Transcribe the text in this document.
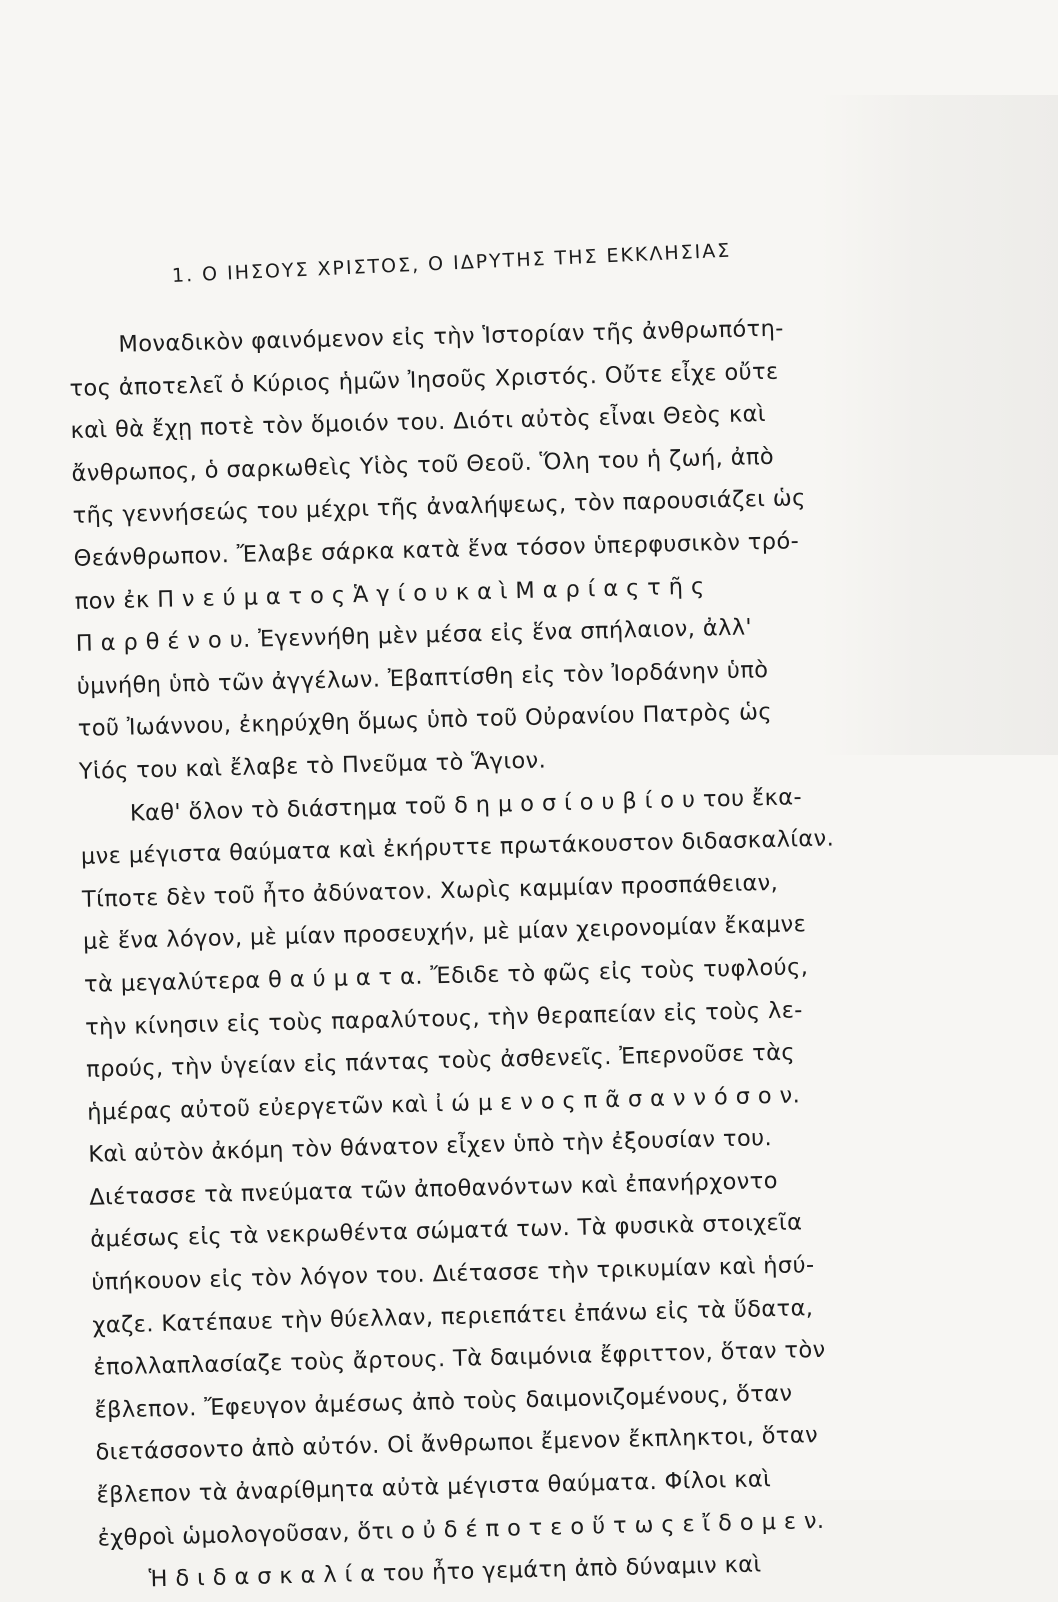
1. Ο ΙΗΣΟΥΣ ΧΡΙΣΤΟΣ, Ο ΙΔΡΥΤΗΣ ΤΗΣ ΕΚΚΛΗΣΙΑΣ
Μοναδικὸν φαινόμενον εἰς τὴν Ἱστορίαν τῆς ἀνθρωπότη-
τος ἀποτελεῖ ὁ Κύριος ἡμῶν Ἰησοῦς Χριστός. Οὔτε εἶχε οὔτε
καὶ θὰ ἔχῃ ποτὲ τὸν ὅμοιόν του. Διότι αὐτὸς εἶναι Θεὸς καὶ
ἄνθρωπος, ὁ σαρκωθεὶς Υἱὸς τοῦ Θεοῦ. Ὅλη του ἡ ζωή, ἀπὸ
τῆς γεννήσεώς του μέχρι τῆς ἀναλήψεως, τὸν παρουσιάζει ὡς
Θεάνθρωπον. Ἔλαβε σάρκα κατὰ ἕνα τόσον ὑπερφυσικὸν τρό-
πον ἐκ Π ν ε ύ μ α τ ο ς Ἁ γ ί ο υ κ α ὶ Μ α ρ ί α ς τ ῆ ς
Π α ρ θ έ ν ο υ. Ἐγεννήθη μὲν μέσα εἰς ἕνα σπήλαιον, ἀλλ'
ὑμνήθη ὑπὸ τῶν ἀγγέλων. Ἐβαπτίσθη εἰς τὸν Ἰορδάνην ὑπὸ
τοῦ Ἰωάννου, ἐκηρύχθη ὅμως ὑπὸ τοῦ Οὐρανίου Πατρὸς ὡς
Υἱός του καὶ ἔλαβε τὸ Πνεῦμα τὸ Ἅγιον.
Καθ' ὅλον τὸ διάστημα τοῦ δ η μ ο σ ί ο υ β ί ο υ του ἔκα-
μνε μέγιστα θαύματα καὶ ἐκήρυττε πρωτάκουστον διδασκαλίαν.
Τίποτε δὲν τοῦ ἦτο ἀδύνατον. Χωρὶς καμμίαν προσπάθειαν,
μὲ ἕνα λόγον, μὲ μίαν προσευχήν, μὲ μίαν χειρονομίαν ἔκαμνε
τὰ μεγαλύτερα θ α ύ μ α τ α. Ἔδιδε τὸ φῶς εἰς τοὺς τυφλούς,
τὴν κίνησιν εἰς τοὺς παραλύτους, τὴν θεραπείαν εἰς τοὺς λε-
προύς, τὴν ὑγείαν εἰς πάντας τοὺς ἀσθενεῖς. Ἐπερνοῦσε τὰς
ἡμέρας αὐτοῦ εὐεργετῶν καὶ ἰ ώ μ ε ν ο ς π ᾶ σ α ν ν ό σ ο ν.
Καὶ αὐτὸν ἀκόμη τὸν θάνατον εἶχεν ὑπὸ τὴν ἐξουσίαν του.
Διέτασσε τὰ πνεύματα τῶν ἀποθανόντων καὶ ἐπανήρχοντο
ἀμέσως εἰς τὰ νεκρωθέντα σώματά των. Τὰ φυσικὰ στοιχεῖα
ὑπήκουον εἰς τὸν λόγον του. Διέτασσε τὴν τρικυμίαν καὶ ἡσύ-
χαζε. Κατέπαυε τὴν θύελλαν, περιεπάτει ἐπάνω εἰς τὰ ὕδατα,
ἐπολλαπλασίαζε τοὺς ἄρτους. Τὰ δαιμόνια ἔφριττον, ὅταν τὸν
ἔβλεπον. Ἔφευγον ἀμέσως ἀπὸ τοὺς δαιμονιζομένους, ὅταν
διετάσσοντο ἀπὸ αὐτόν. Οἱ ἄνθρωποι ἔμενον ἔκπληκτοι, ὅταν
ἔβλεπον τὰ ἀναρίθμητα αὐτὰ μέγιστα θαύματα. Φίλοι καὶ
ἐχθροὶ ὡμολογοῦσαν, ὅτι ο ὐ δ έ π ο τ ε ο ὕ τ ω ς ε ἴ δ ο μ ε ν.
Ἡ δ ι δ α σ κ α λ ί α του ἦτο γεμάτη ἀπὸ δύναμιν καὶ
